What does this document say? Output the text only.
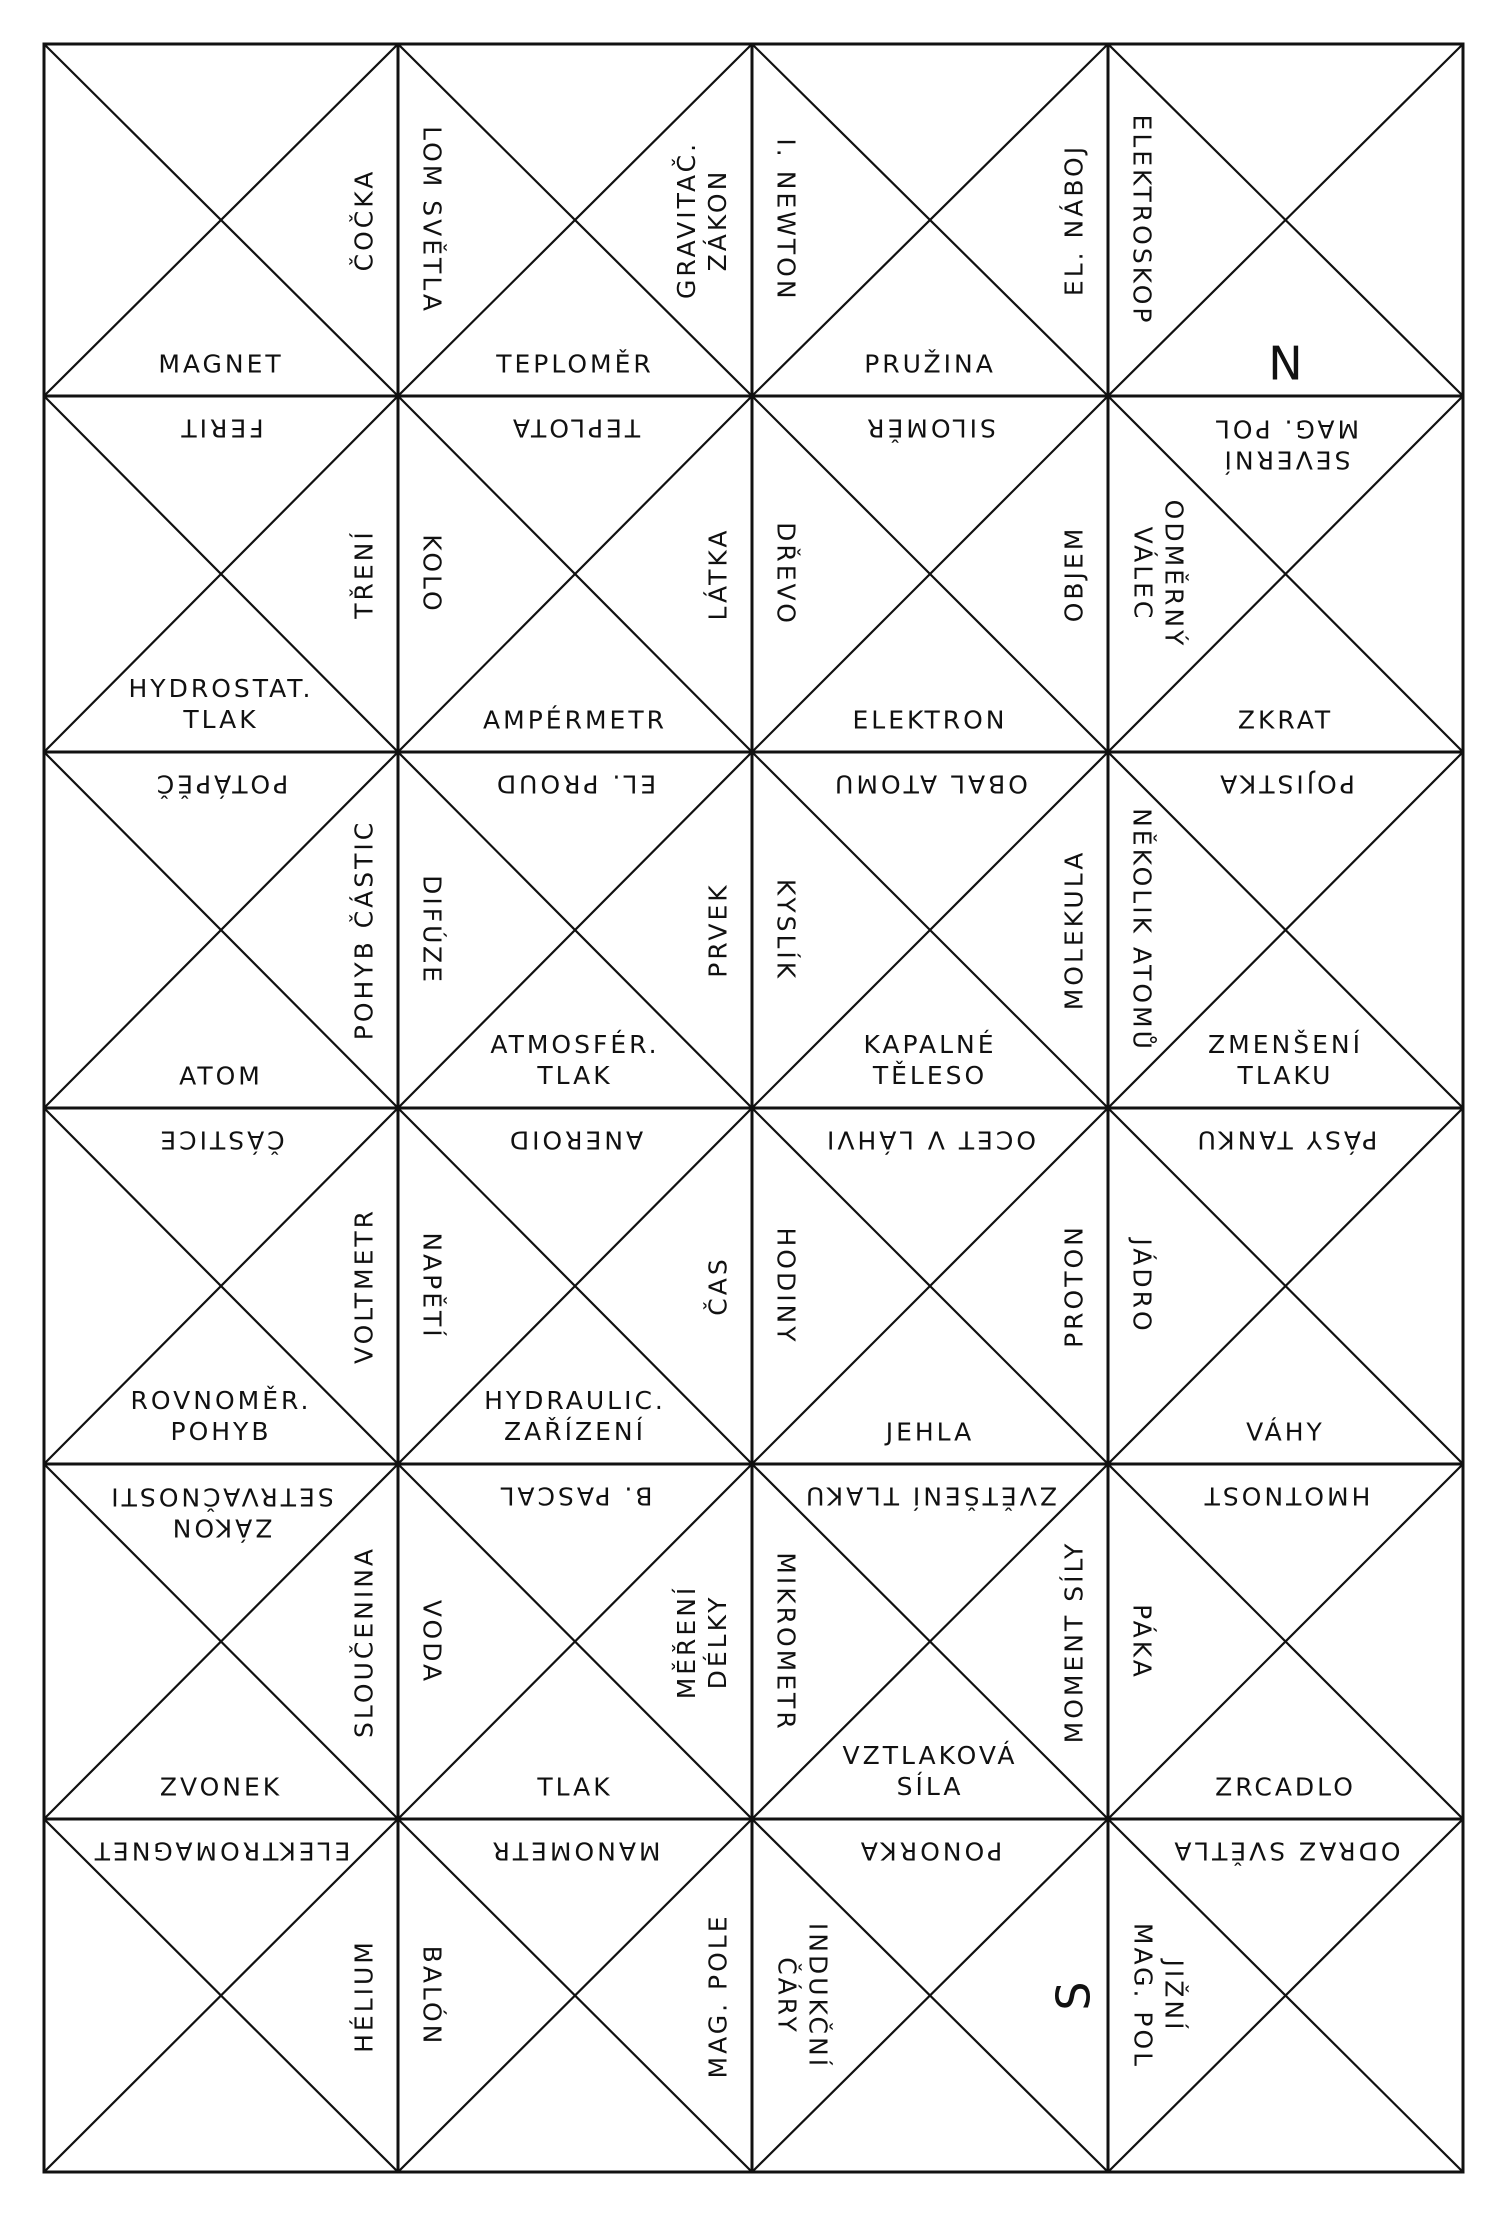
ČOČKA
MAGNET
GRAVITAČ.
ZÁKON
TEPLOMĚR
LOM SVĚTLA	EL. NÁBOJ
PRUŽINA
I. NEWTON
N
ELEKTROSKOP
FERIT
TŘENÍ
HYDROSTAT.
TLAK
TEPLOTA
LÁTKA
AMPÉRMETR
KOLO
SILOMĚR
OBJEM
ELEKTRON
DŘEVO
SEVERNÍ
MAG. POL
ZKRAT
ODMĚRNÝ
VÁLEC
POTÁPĚČ
POHYB ČÁSTIC
ATOM
EL. PROUD
PRVEK
ATMOSFÉR.
TLAK
DIFÚZE
OBAL ATOMU
MOLEKULA
KAPALNÉ
TĚLESO
KYSLÍK
POJISTKA
ZMENŠENÍ
TLAKU
NĚKOLIK ATOMŮ
ČÁSTICE
VOLTMETR
ROVNOMĚR.
POHYB
ANEROID
ČAS
HYDRAULIC.
ZAŘÍZENÍ
NAPĚTÍ
OCET V LÁHVI
PROTON
JEHLA
HODINY
PÁSY TANKU
VÁHY
JÁDRO
ZÁKON
SETRVAČNOSTI
SLOUČENINA
ZVONEK
B. PASCAL
MĚŘENÍ
DÉLKY
TLAK
VODA
ZVĚTŠENÍ TLAKU
MOMENT SÍLY
VZTLAKOVÁ
SÍLA
MIKROMETR
HMOTNOST
ZRCADLO
PÁKA
ELEKTROMAGNET
HÉLIUM
MANOMETR
MAG. POLE
BALÓN
PONORKA
S
INDUKČNÍ
ČÁRY
ODRAZ SVĚTLA
JIŽNÍ
MAG. POL
